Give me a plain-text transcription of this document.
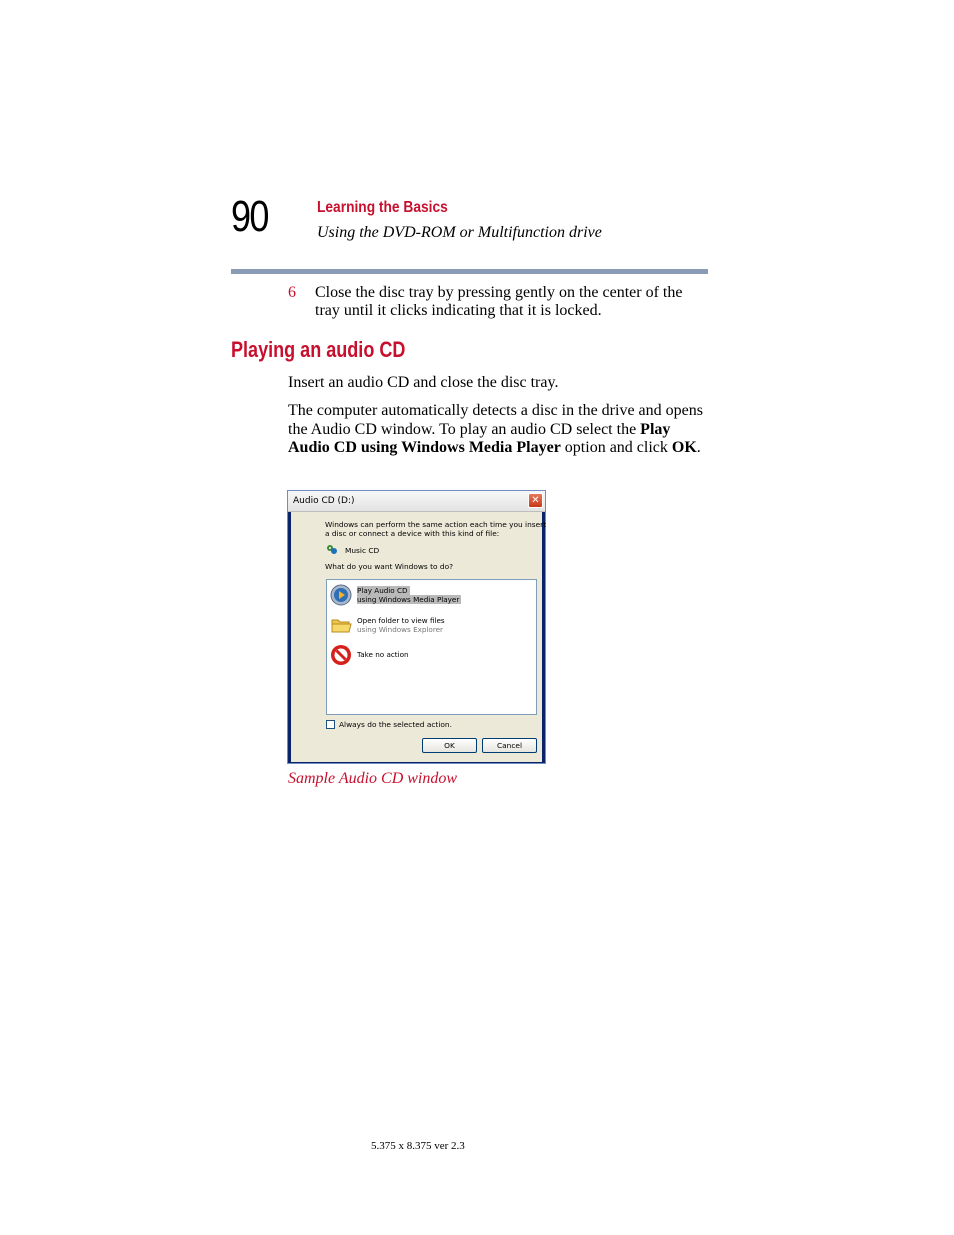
90	Learning the Basics
Using the DVD-ROM or Multifunction drive
6 Close the disc tray by pressing gently on the center of the tray until it clicks indicating that it is locked.
Playing an audio CD
Insert an audio CD and close the disc tray.
The computer automatically detects a disc in the drive and opens the Audio CD window. To play an audio CD select the Play Audio CD using Windows Media Player option and click OK.
Audio CD (D:)	✕
Windows can perform the same action each time you insert
a disc or connect a device with this kind of file:
Music CD
What do you want Windows to do?
Play Audio CD
using Windows Media Player
Open folder to view files
using Windows Explorer
Take no action
Always do the selected action.
OK	Cancel
Sample Audio CD window
5.375 x 8.375 ver 2.3
